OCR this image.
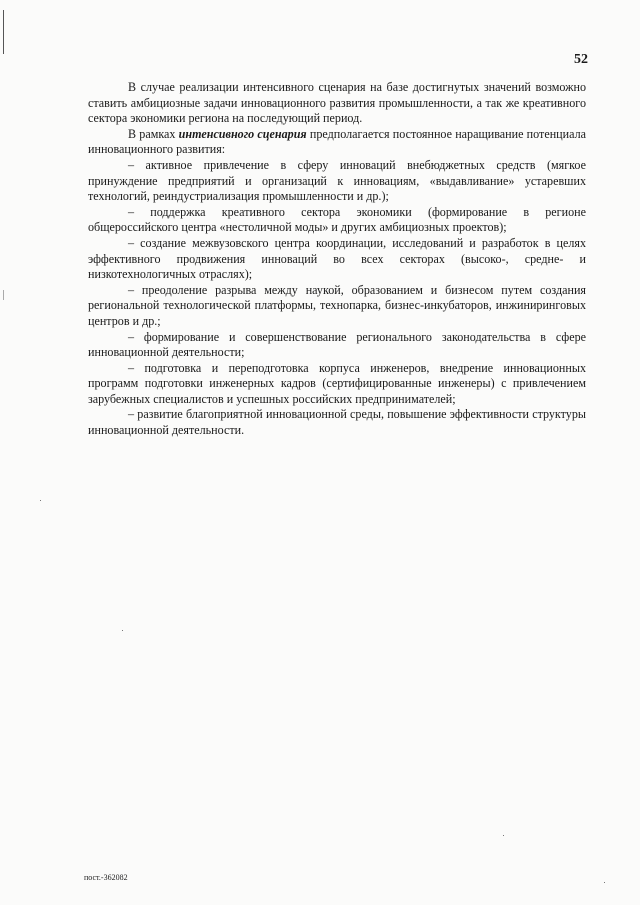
52

В случае реализации интенсивного сценария на базе достигнутых значений возможно ставить амбициозные задачи инновационного развития промышленности, а так же креативного сектора экономики региона на последующий период.

В рамках интенсивного сценария предполагается постоянное наращивание потенциала инновационного развития:

– активное привлечение в сферу инноваций внебюджетных средств (мягкое принуждение предприятий и организаций к инновациям, «выдавливание» устаревших технологий, реиндустриализация промышленности и др.);

– поддержка креативного сектора экономики (формирование в регионе общероссийского центра «нестоличной моды» и других амбициозных проектов);

– создание межвузовского центра координации, исследований и разработок в целях эффективного продвижения инноваций во всех секторах (высоко-, средне- и низкотехнологичных отраслях);

– преодоление разрыва между наукой, образованием и бизнесом путем создания региональной технологической платформы, технопарка, бизнес-инкубаторов, инжиниринговых центров и др.;

– формирование и совершенствование регионального законодательства в сфере инновационной деятельности;

– подготовка и переподготовка корпуса инженеров, внедрение инновационных программ подготовки инженерных кадров (сертифицированные инженеры) с привлечением зарубежных специалистов и успешных российских предпринимателей;

– развитие благоприятной инновационной среды, повышение эффективности структуры инновационной деятельности.

пост.-362082
